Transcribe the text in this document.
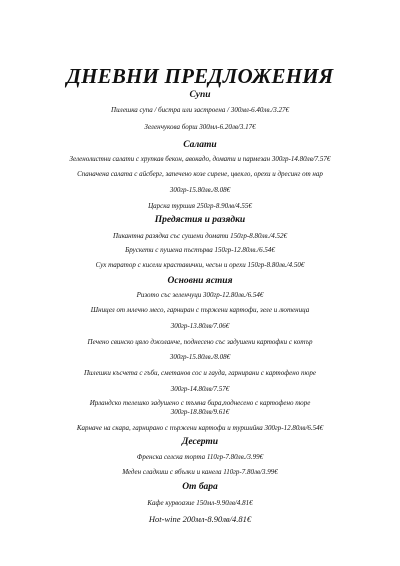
ДНЕВНИ ПРЕДЛОЖЕНИЯ
Супи
Пилешка супа / бистра или застроена / 300мл-6.40лв./3.27€
Зеленчукова борш 300мл-6.20лв/3.17€
Салати
Зеленолистни салати с хрупкав бекон, авокадо, домати и пармезан 300гр-14.80лв/7.57€
Спаначена салата с айсберг, запечено козе сирене, цвекло, орехи и дресинг от нар
300гр-15.80лв./8.08€
Царска туршия 250гр-8.90лв/4.55€
Предястия и разядки
Пикантна разядка със сушени домати 150гр-8.80лв./4.52€
Брускети с пушена пъстърва 150гр-12.80лв./6.54€
Сух таратор с кисели краставички, чесън и орехи 150гр-8.80лв./4.50€
Основни ястия
Ризото със зеленчуци 300гр-12.80лв./6.54€
Шницел от млечно месо, гарниран с пържени картофи, зеле и лютеница
300гр-13.80лв/7.06€
Печено свинско цяло джоланче, поднесено със задушени картофки с котър
300гр-15.80лв./8.08€
Пилешки късчета с гъби, сметанов сос и гауда, гарнирани с картофено пюре
300гр-14.80лв/7.57€
Ирландско телешко задушено с тъмна бира,поднесено с картофено пюре
300гр-18.80лв/9.61€
Карначе на скара, гарнирано с пържени картофи и туршийка 300гр-12.80лв/6.54€
Десерти
Френска селска торта 110гр-7.80лв./3.99€
Меден сладкиш с ябълки и канела 110гр-7.80лв/3.99€
От бара
Кафе курвоазие 150мл-9.90лв/4.81€
Hot-wine 200мл-8.90лв/4.81€
